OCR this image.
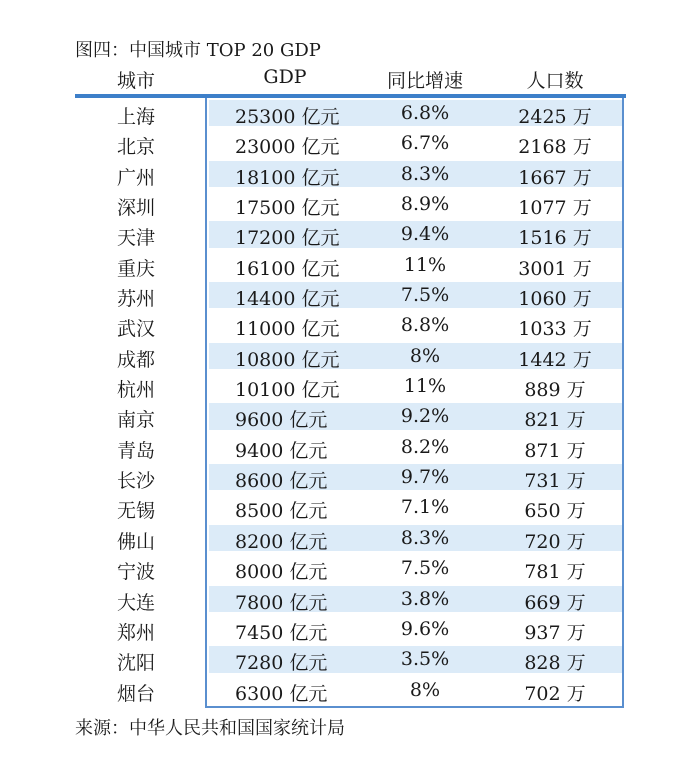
图四：中国城市 TOP 20 GDP
城市	GDP	同比增速	人口数
上海	25300 亿元	6.8%	2425 万
北京	23000 亿元	6.7%	2168 万
广州	18100 亿元	8.3%	1667 万
深圳	17500 亿元	8.9%	1077 万
天津	17200 亿元	9.4%	1516 万
重庆	16100 亿元	11%	3001 万
苏州	14400 亿元	7.5%	1060 万
武汉	11000 亿元	8.8%	1033 万
成都	10800 亿元	8%	1442 万
杭州	10100 亿元	11%	889 万
南京	9600 亿元	9.2%	821 万
青岛	9400 亿元	8.2%	871 万
长沙	8600 亿元	9.7%	731 万
无锡	8500 亿元	7.1%	650 万
佛山	8200 亿元	8.3%	720 万
宁波	8000 亿元	7.5%	781 万
大连	7800 亿元	3.8%	669 万
郑州	7450 亿元	9.6%	937 万
沈阳	7280 亿元	3.5%	828 万
烟台	6300 亿元	8%	702 万
来源：中华人民共和国国家统计局
